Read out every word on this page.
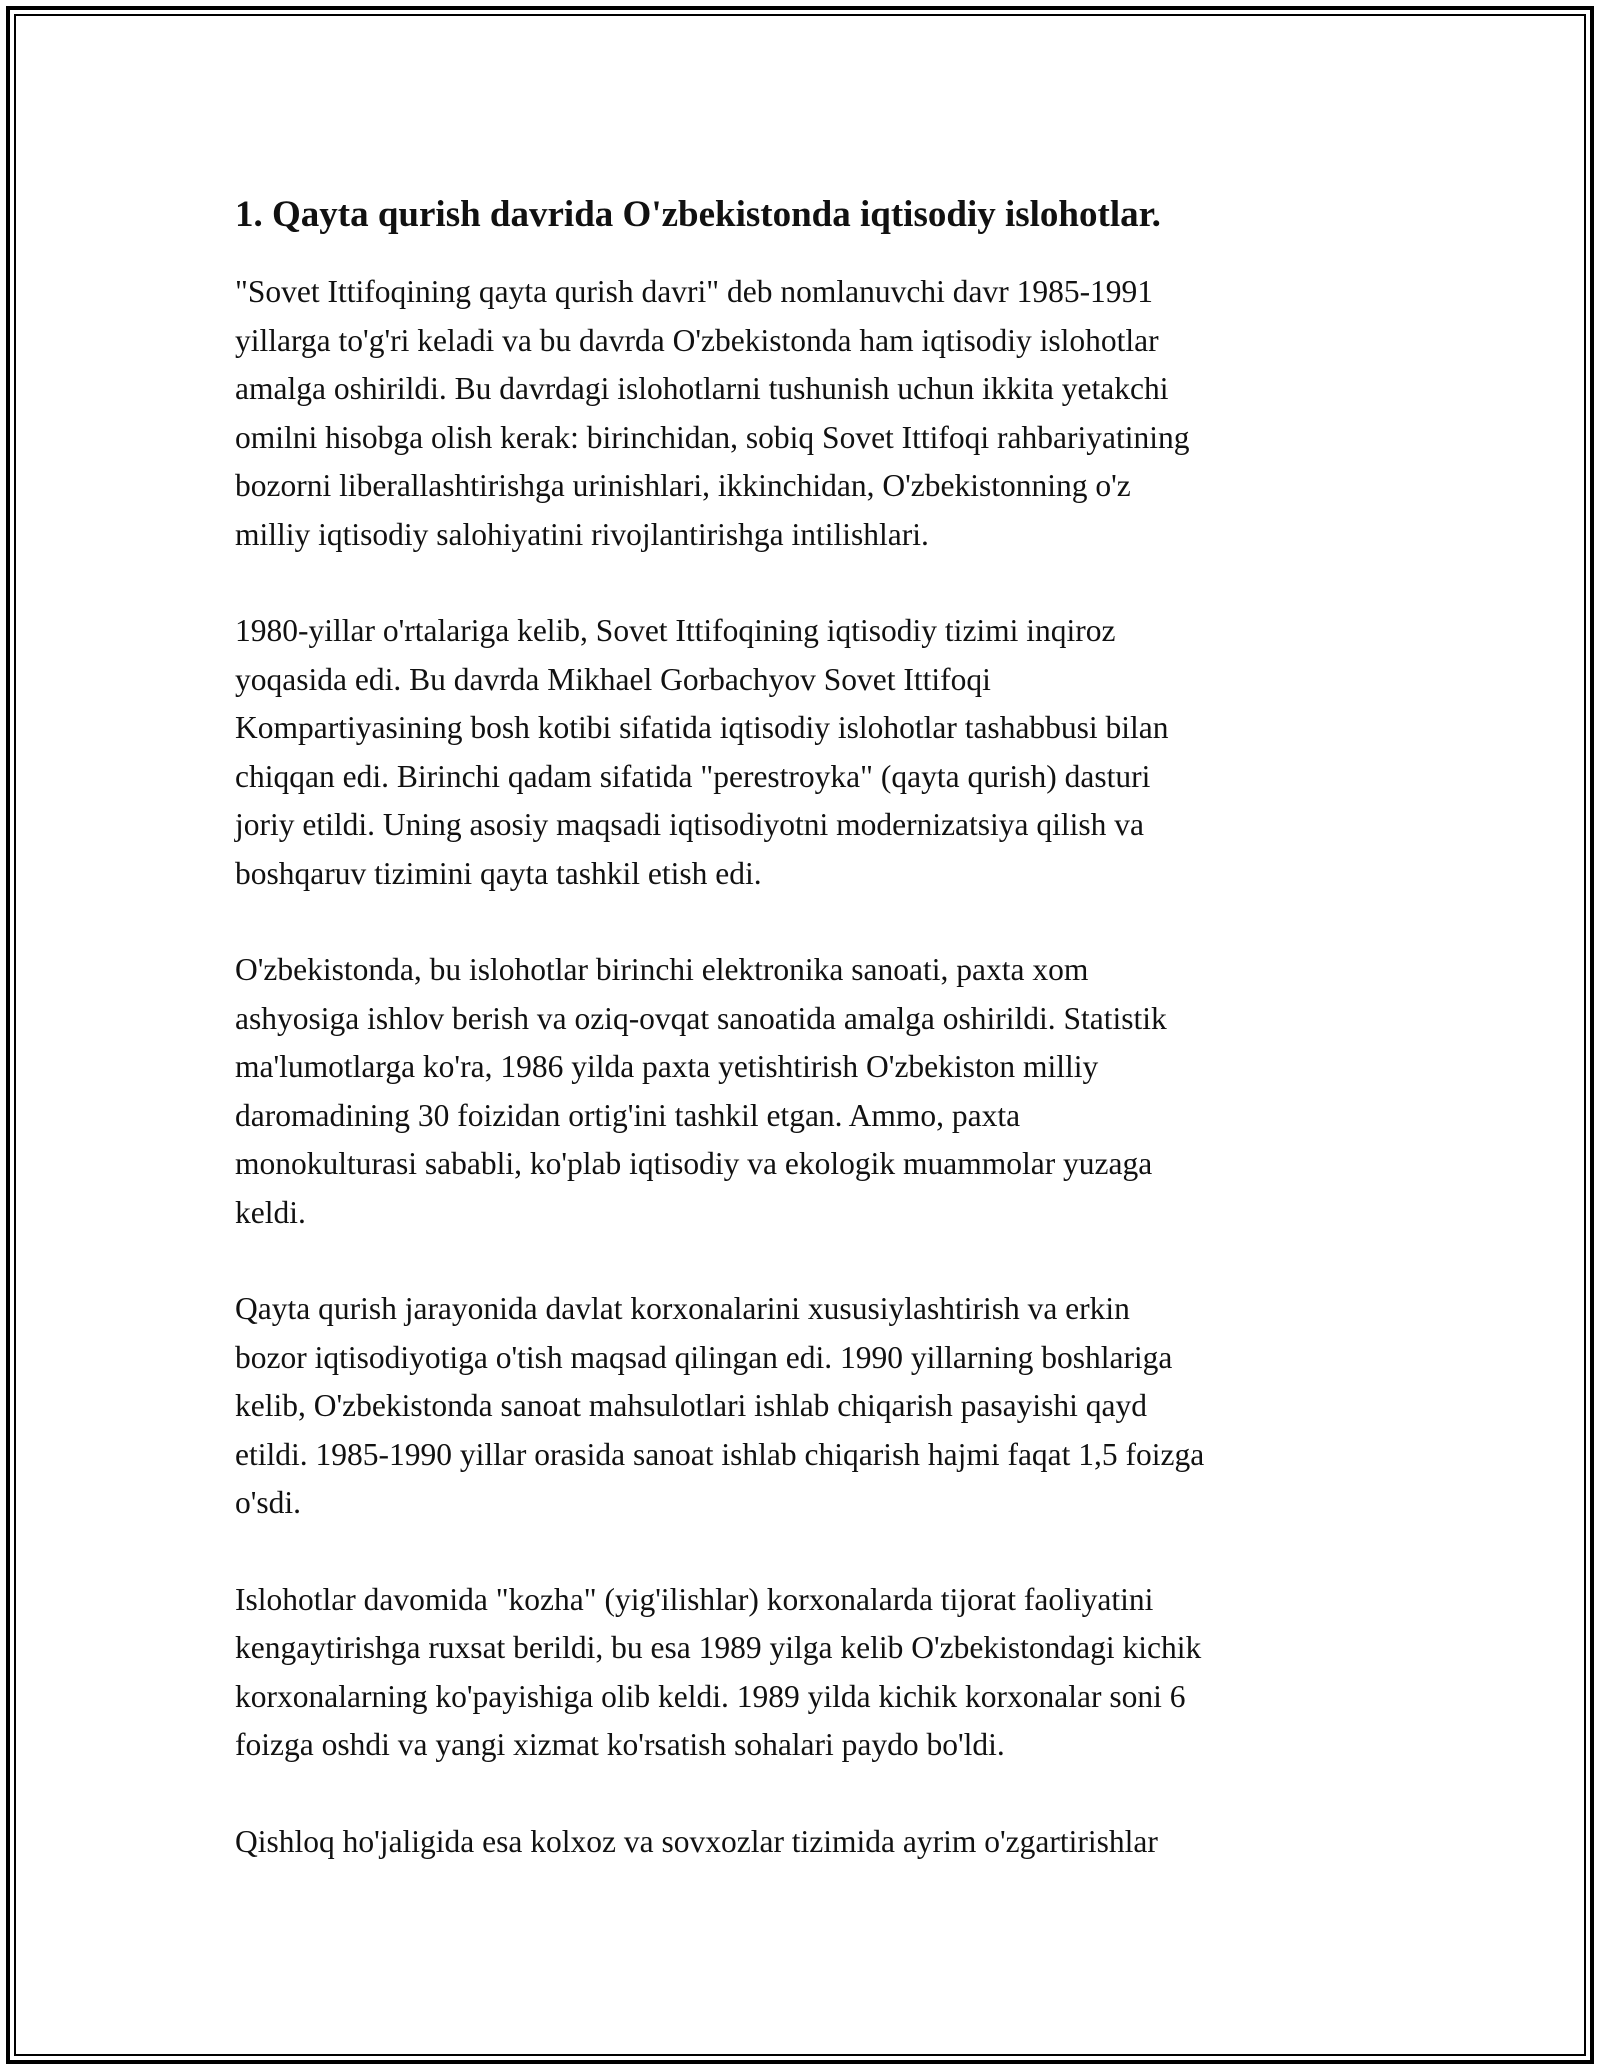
1. Qayta qurish davrida O'zbekistonda iqtisodiy islohotlar.
"Sovet Ittifoqining qayta qurish davri" deb nomlanuvchi davr 1985-1991
yillarga to'g'ri keladi va bu davrda O'zbekistonda ham iqtisodiy islohotlar
amalga oshirildi. Bu davrdagi islohotlarni tushunish uchun ikkita yetakchi
omilni hisobga olish kerak: birinchidan, sobiq Sovet Ittifoqi rahbariyatining
bozorni liberallashtirishga urinishlari, ikkinchidan, O'zbekistonning o'z
milliy iqtisodiy salohiyatini rivojlantirishga intilishlari.
1980-yillar o'rtalariga kelib, Sovet Ittifoqining iqtisodiy tizimi inqiroz
yoqasida edi. Bu davrda Mikhael Gorbachyov Sovet Ittifoqi
Kompartiyasining bosh kotibi sifatida iqtisodiy islohotlar tashabbusi bilan
chiqqan edi. Birinchi qadam sifatida "perestroyka" (qayta qurish) dasturi
joriy etildi. Uning asosiy maqsadi iqtisodiyotni modernizatsiya qilish va
boshqaruv tizimini qayta tashkil etish edi.
O'zbekistonda, bu islohotlar birinchi elektronika sanoati, paxta xom
ashyosiga ishlov berish va oziq-ovqat sanoatida amalga oshirildi. Statistik
ma'lumotlarga ko'ra, 1986 yilda paxta yetishtirish O'zbekiston milliy
daromadining 30 foizidan ortig'ini tashkil etgan. Ammo, paxta
monokulturasi sababli, ko'plab iqtisodiy va ekologik muammolar yuzaga
keldi.
Qayta qurish jarayonida davlat korxonalarini xususiylashtirish va erkin
bozor iqtisodiyotiga o'tish maqsad qilingan edi. 1990 yillarning boshlariga
kelib, O'zbekistonda sanoat mahsulotlari ishlab chiqarish pasayishi qayd
etildi. 1985-1990 yillar orasida sanoat ishlab chiqarish hajmi faqat 1,5 foizga
o'sdi.
Islohotlar davomida "kozha" (yig'ilishlar) korxonalarda tijorat faoliyatini
kengaytirishga ruxsat berildi, bu esa 1989 yilga kelib O'zbekistondagi kichik
korxonalarning ko'payishiga olib keldi. 1989 yilda kichik korxonalar soni 6
foizga oshdi va yangi xizmat ko'rsatish sohalari paydo bo'ldi.
Qishloq ho'jaligida esa kolxoz va sovxozlar tizimida ayrim o'zgartirishlar
